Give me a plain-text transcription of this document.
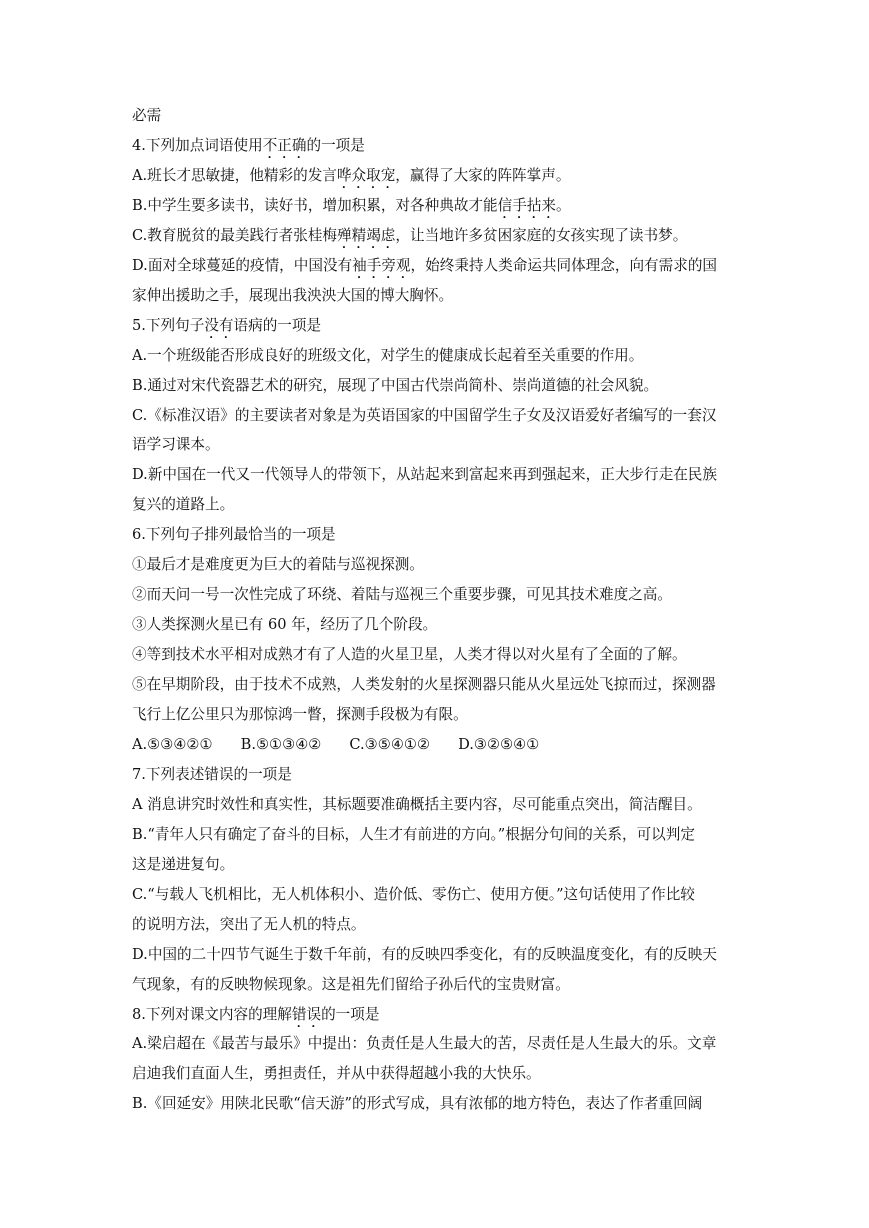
必需
4.下列加点词语使用不正确的一项是
A.班长才思敏捷，他精彩的发言哗众取宠，赢得了大家的阵阵掌声。
B.中学生要多读书，读好书，增加积累，对各种典故才能信手拈来。
C.教育脱贫的最美践行者张桂梅殚精竭虑，让当地许多贫困家庭的女孩实现了读书梦。
D.面对全球蔓延的疫情，中国没有袖手旁观，始终秉持人类命运共同体理念，向有需求的国
家伸出援助之手，展现出我泱泱大国的博大胸怀。
5.下列句子没有语病的一项是
A.一个班级能否形成良好的班级文化，对学生的健康成长起着至关重要的作用。
B.通过对宋代瓷器艺术的研究，展现了中国古代崇尚简朴、崇尚道德的社会风貌。
C.《标准汉语》的主要读者对象是为英语国家的中国留学生子女及汉语爱好者编写的一套汉
语学习课本。
D.新中国在一代又一代领导人的带领下，从站起来到富起来再到强起来，正大步行走在民族
复兴的道路上。
6.下列句子排列最恰当的一项是
①最后才是难度更为巨大的着陆与巡视探测。
②而天问一号一次性完成了环绕、着陆与巡视三个重要步骤，可见其技术难度之高。
③人类探测火星已有 60 年，经历了几个阶段。
④等到技术水平相对成熟才有了人造的火星卫星，人类才得以对火星有了全面的了解。
⑤在早期阶段，由于技术不成熟，人类发射的火星探测器只能从火星远处飞掠而过，探测器
飞行上亿公里只为那惊鸿一瞥，探测手段极为有限。
A.⑤③④②① B.⑤①③④② C.③⑤④①② D.③②⑤④①
7.下列表述错误的一项是
A 消息讲究时效性和真实性，其标题要准确概括主要内容，尽可能重点突出，简洁醒目。
B.“青年人只有确定了奋斗的目标，人生才有前进的方向。”根据分句间的关系，可以判定
这是递进复句。
C.“与载人飞机相比，无人机体积小、造价低、零伤亡、使用方便。”这句话使用了作比较
的说明方法，突出了无人机的特点。
D.中国的二十四节气诞生于数千年前，有的反映四季变化，有的反映温度变化，有的反映天
气现象，有的反映物候现象。这是祖先们留给子孙后代的宝贵财富。
8.下列对课文内容的理解错误的一项是
A.梁启超在《最苦与最乐》中提出：负责任是人生最大的苦，尽责任是人生最大的乐。文章
启迪我们直面人生，勇担责任，并从中获得超越小我的大快乐。
B.《回延安》用陕北民歌“信天游”的形式写成，具有浓郁的地方特色，表达了作者重回阔
